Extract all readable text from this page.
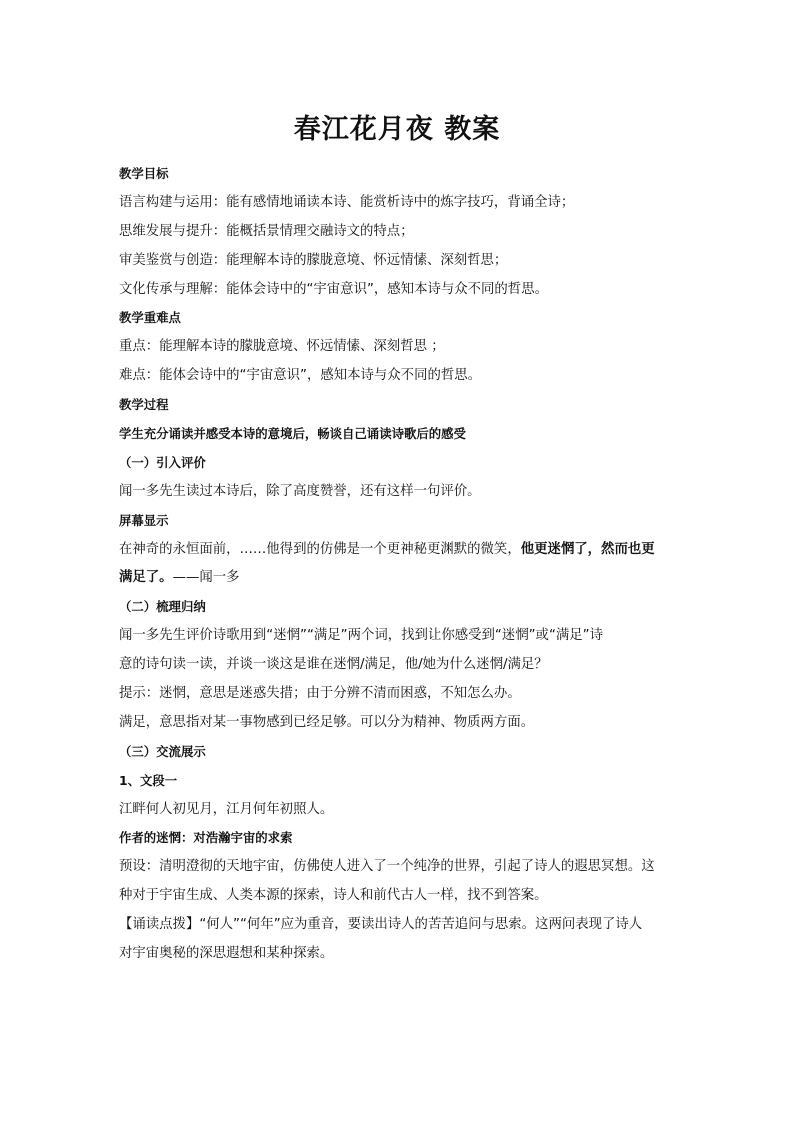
春江花月夜 教案

教学目标

语言构建与运用：能有感情地诵读本诗、能赏析诗中的炼字技巧，背诵全诗；

思维发展与提升：能概括景情理交融诗文的特点；

审美鉴赏与创造：能理解本诗的朦胧意境、怀远情愫、深刻哲思；

文化传承与理解：能体会诗中的“宇宙意识”，感知本诗与众不同的哲思。

教学重难点

重点：能理解本诗的朦胧意境、怀远情愫、深刻哲思 ；

难点：能体会诗中的“宇宙意识”，感知本诗与众不同的哲思。

教学过程

学生充分诵读并感受本诗的意境后，畅谈自己诵读诗歌后的感受

（一）引入评价

闻一多先生读过本诗后，除了高度赞誉，还有这样一句评价。

屏幕显示

在神奇的永恒面前，……他得到的仿佛是一个更神秘更渊默的微笑，他更迷惘了，然而也更

满足了。——闻一多

（二）梳理归纳

闻一多先生评价诗歌用到“迷惘”“满足”两个词，找到让你感受到“迷惘”或“满足”诗

意的诗句读一读，并谈一谈这是谁在迷惘/满足，他/她为什么迷惘/满足？

提示：迷惘，意思是迷惑失措；由于分辨不清而困惑，不知怎么办。

满足，意思指对某一事物感到已经足够。可以分为精神、物质两方面。

（三）交流展示

1、文段一

江畔何人初见月，江月何年初照人。

作者的迷惘：对浩瀚宇宙的求索

预设：清明澄彻的天地宇宙，仿佛使人进入了一个纯净的世界，引起了诗人的遐思冥想。这

种对于宇宙生成、人类本源的探索，诗人和前代古人一样，找不到答案。

【诵读点拨】“何人”“何年”应为重音，要读出诗人的苦苦追问与思索。这两问表现了诗人

对宇宙奥秘的深思遐想和某种探索。
